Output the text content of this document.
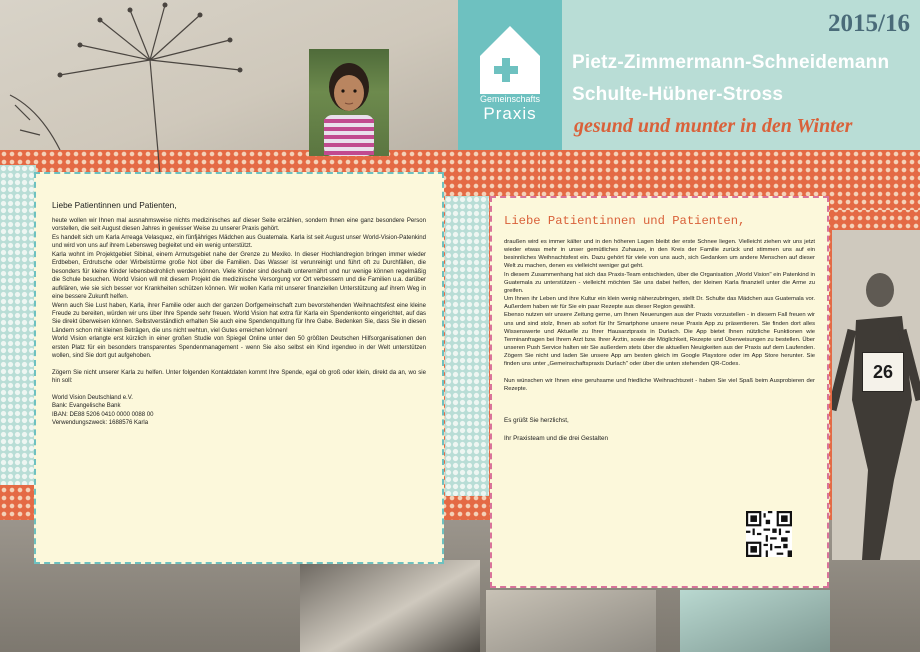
Gemeinschafts
Praxis
2015/16
Pietz-Zimmermann-Schneidemann
Schulte-Hübner-Stross
gesund und munter in den Winter

Liebe Patientinnen und Patienten,

heute wollen wir Ihnen mal ausnahmsweise nichts medizinisches auf dieser Seite erzählen, sondern Ihnen eine ganz besondere Person vorstellen, die seit August diesen Jahres in gewisser Weise zu unserer Praxis gehört.

Es handelt sich um Karla Arreaga Velasquez, ein fünfjähriges Mädchen aus Guatemala. Karla ist seit August unser World-Vision-Patenkind und wird von uns auf ihrem Lebensweg begleitet und ein wenig unterstützt.

Karla wohnt im Projektgebiet Sibinal, einem Armutsgebiet nahe der Grenze zu Mexiko. In dieser Hochlandregion bringen immer wieder Erdbeben, Erdrutsche oder Wirbelstürme große Not über die Familien. Das Wasser ist verunreinigt und führt oft zu Durchfällen, die besonders für kleine Kinder lebensbedrohlich werden können. Viele Kinder sind deshalb unterernährt und nur wenige können regelmäßig die Schule besuchen. World Vision will mit diesem Projekt die medizinische Versorgung vor Ort verbessern und die Familien u.a. darüber aufklären, wie sie sich besser vor Krankheiten schützen können. Wir wollen Karla mit unserer finanziellen Unterstützung auf ihrem Weg in eine bessere Zukunft helfen.

Wenn auch Sie Lust haben, Karla, ihrer Familie oder auch der ganzen Dorfgemeinschaft zum bevorstehenden Weihnachtsfest eine kleine Freude zu bereiten, würden wir uns über Ihre Spende sehr freuen. World Vision hat extra für Karla ein Spendenkonto eingerichtet, auf das Sie direkt überweisen können. Selbstverständlich erhalten Sie auch eine Spendenquittung für Ihre Gabe. Bedenken Sie, dass Sie in diesen Ländern schon mit kleinen Beträgen, die uns nicht wehtun, viel Gutes erreichen können!

World Vision erlangte erst kürzlich in einer großen Studie von Spiegel Online unter den 50 größten Deutschen Hilfsorganisationen den ersten Platz für ein besonders transparentes Spendenmanagement - wenn Sie also selbst ein Kind irgendwo in der Welt unterstützen wollen, sind Sie dort gut aufgehoben.

Zögern Sie nicht unserer Karla zu helfen. Unter folgenden Kontaktdaten kommt Ihre Spende, egal ob groß oder klein, direkt da an, wo sie hin soll:

World Vision Deutschland e.V.

Bank: Evangelische Bank

IBAN: DE88 5206 0410 0000 0088 00

Verwendungszweck: 1688576 Karla

Liebe Patientinnen und Patienten,

draußen wird es immer kälter und in den höheren Lagen bleibt der erste Schnee liegen. Vielleicht ziehen wir uns jetzt wieder etwas mehr in unser gemütliches Zuhause, in den Kreis der Familie zurück und stimmen uns auf ein besinnliches Weihnachtsfest ein. Dazu gehört für viele von uns auch, sich Gedanken um andere Menschen auf dieser Welt zu machen, denen es vielleicht weniger gut geht.

In diesem Zusammenhang hat sich das Praxis-Team entschieden, über die Organisation „World Vision" ein Patenkind in Guatemala zu unterstützen - vielleicht möchten Sie uns dabei helfen, der kleinen Karla finanziell unter die Arme zu greifen.

Um Ihnen ihr Leben und ihre Kultur ein klein wenig näherzubringen, stellt Dr. Schulte das Mädchen aus Guatemala vor. Außerdem haben wir für Sie ein paar Rezepte aus dieser Region gewählt.

Ebenso nutzen wir unsere Zeitung gerne, um Ihnen Neuerungen aus der Praxis vorzustellen - in diesem Fall freuen wir uns und sind stolz, Ihnen ab sofort für Ihr Smartphone unsere neue Praxis App zu präsentieren. Sie finden dort alles Wissenswerte und Aktuelle zu Ihrer Hausarztpraxis in Durlach. Die App bietet Ihnen nützliche Funktionen wie Terminanfragen bei Ihrem Arzt bzw. Ihrer Ärztin, sowie die Möglichkeit, Rezepte und Überweisungen zu bestellen. Über unseren Push Service halten wir Sie außerdem stets über die aktuellen Neuigkeiten aus der Praxis auf dem Laufenden. Zögern Sie nicht und laden Sie unsere App am besten gleich im Google Playstore oder im App Store herunter. Sie finden uns unter „Gemeinschaftspraxis Durlach" oder über die unten stehenden QR-Codes.

Nun wünschen wir Ihnen eine geruhsame und friedliche Weihnachtszeit - haben Sie viel Spaß beim Ausprobieren der Rezepte.

Es grüßt Sie herzlichst,

Ihr Praxisteam und die drei Gestalten

26
